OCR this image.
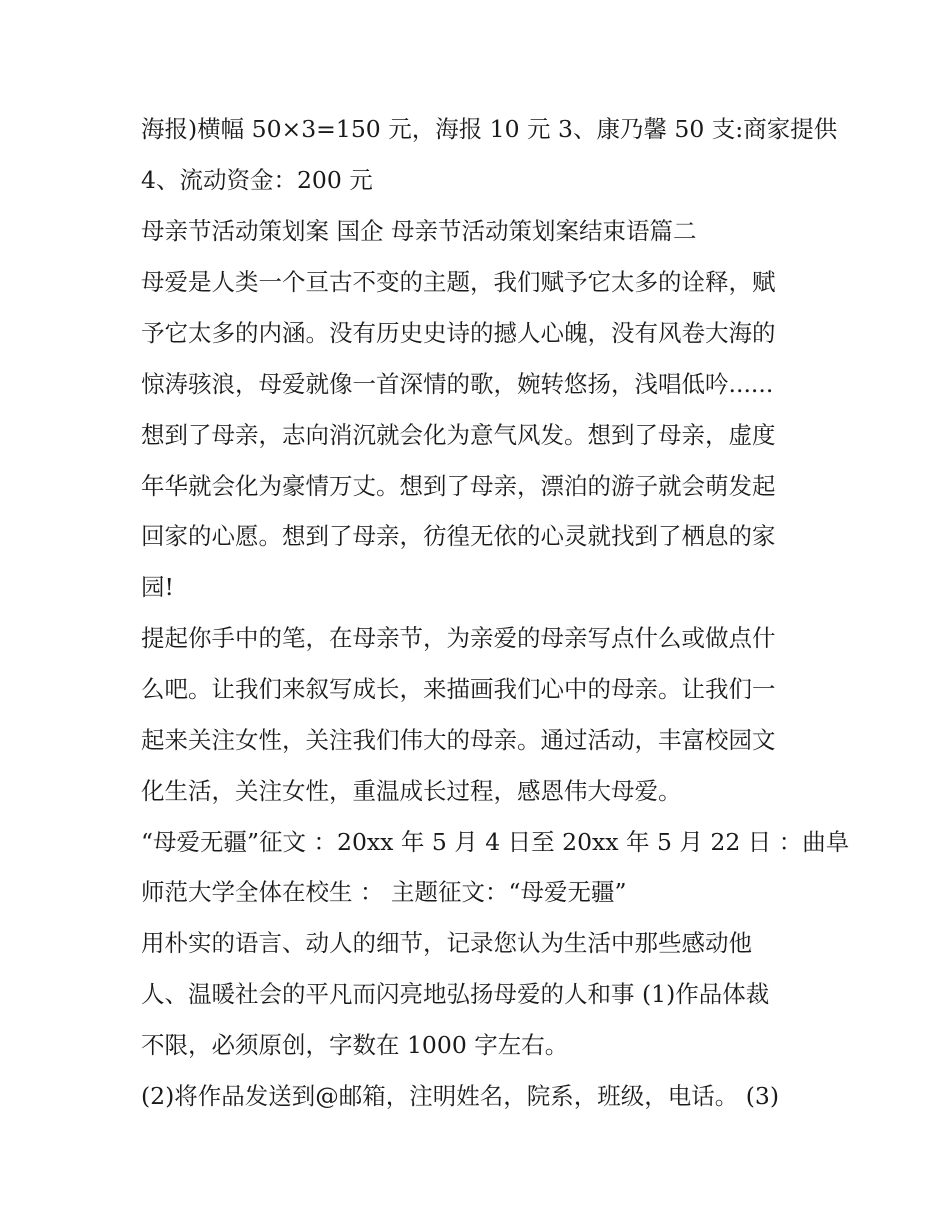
海报)横幅 50×3=150 元，海报 10 元 3、康乃馨 50 支:商家提供
4、流动资金：200 元
母亲节活动策划案 国企 母亲节活动策划案结束语篇二
母爱是人类一个亘古不变的主题，我们赋予它太多的诠释，赋
予它太多的内涵。没有历史史诗的撼人心魄，没有风卷大海的
惊涛骇浪，母爱就像一首深情的歌，婉转悠扬，浅唱低吟......
想到了母亲，志向消沉就会化为意气风发。想到了母亲，虚度
年华就会化为豪情万丈。想到了母亲，漂泊的游子就会萌发起
回家的心愿。想到了母亲，彷徨无依的心灵就找到了栖息的家
园!
提起你手中的笔，在母亲节，为亲爱的母亲写点什么或做点什
么吧。让我们来叙写成长，来描画我们心中的母亲。让我们一
起来关注女性，关注我们伟大的母亲。通过活动，丰富校园文
化生活，关注女性，重温成长过程，感恩伟大母爱。
“母爱无疆”征文 ：20xx 年 5 月 4 日至 20xx 年 5 月 22 日 ：曲阜
师范大学全体在校生 ： 主题征文：“母爱无疆”
用朴实的语言、动人的细节，记录您认为生活中那些感动他
人、温暖社会的平凡而闪亮地弘扬母爱的人和事 (1)作品体裁
不限，必须原创，字数在 1000 字左右。
(2)将作品发送到@邮箱，注明姓名，院系，班级，电话。 (3)
